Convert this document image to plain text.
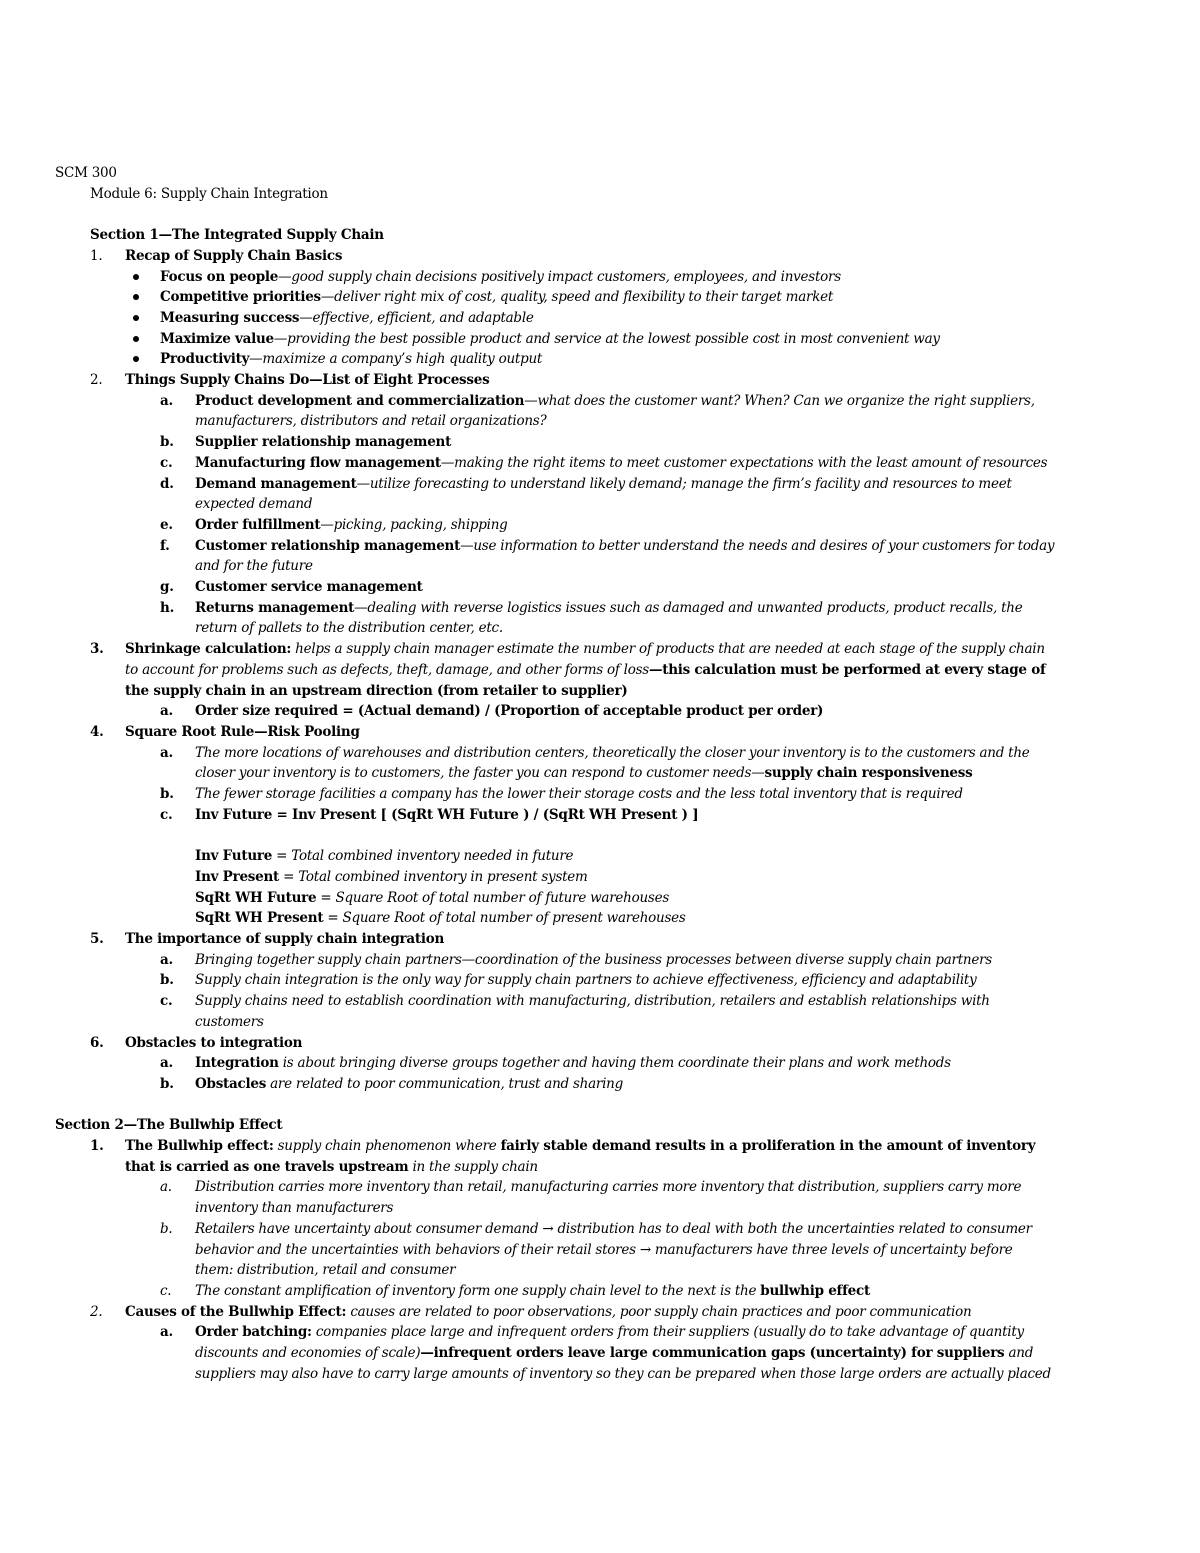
SCM 300
Module 6: Supply Chain Integration
Section 1—The Integrated Supply Chain
1. Recap of Supply Chain Basics
Focus on people—good supply chain decisions positively impact customers, employees, and investors
Competitive priorities—deliver right mix of cost, quality, speed and flexibility to their target market
Measuring success—effective, efficient, and adaptable
Maximize value—providing the best possible product and service at the lowest possible cost in most convenient way
Productivity—maximize a company’s high quality output
2. Things Supply Chains Do—List of Eight Processes
a. Product development and commercialization—what does the customer want? When? Can we organize the right suppliers,
manufacturers, distributors and retail organizations?
b. Supplier relationship management
c. Manufacturing flow management—making the right items to meet customer expectations with the least amount of resources
d. Demand management—utilize forecasting to understand likely demand; manage the firm’s facility and resources to meet
expected demand
e. Order fulfillment—picking, packing, shipping
f. Customer relationship management—use information to better understand the needs and desires of your customers for today
and for the future
g. Customer service management
h. Returns management—dealing with reverse logistics issues such as damaged and unwanted products, product recalls, the
return of pallets to the distribution center, etc.
3. Shrinkage calculation: helps a supply chain manager estimate the number of products that are needed at each stage of the supply chain
to account for problems such as defects, theft, damage, and other forms of loss—this calculation must be performed at every stage of
the supply chain in an upstream direction (from retailer to supplier)
a. Order size required = (Actual demand) / (Proportion of acceptable product per order)
4. Square Root Rule—Risk Pooling
a. The more locations of warehouses and distribution centers, theoretically the closer your inventory is to the customers and the
closer your inventory is to customers, the faster you can respond to customer needs—supply chain responsiveness
b. The fewer storage facilities a company has the lower their storage costs and the less total inventory that is required
c. Inv Future = Inv Present [ (SqRt WH Future ) / (SqRt WH Present ) ]
Inv Future = Total combined inventory needed in future
Inv Present = Total combined inventory in present system
SqRt WH Future = Square Root of total number of future warehouses
SqRt WH Present = Square Root of total number of present warehouses
5. The importance of supply chain integration
a. Bringing together supply chain partners—coordination of the business processes between diverse supply chain partners
b. Supply chain integration is the only way for supply chain partners to achieve effectiveness, efficiency and adaptability
c. Supply chains need to establish coordination with manufacturing, distribution, retailers and establish relationships with
customers
6. Obstacles to integration
a. Integration is about bringing diverse groups together and having them coordinate their plans and work methods
b. Obstacles are related to poor communication, trust and sharing
Section 2—The Bullwhip Effect
1. The Bullwhip effect: supply chain phenomenon where fairly stable demand results in a proliferation in the amount of inventory
that is carried as one travels upstream in the supply chain
a. Distribution carries more inventory than retail, manufacturing carries more inventory that distribution, suppliers carry more
inventory than manufacturers
b. Retailers have uncertainty about consumer demand → distribution has to deal with both the uncertainties related to consumer
behavior and the uncertainties with behaviors of their retail stores → manufacturers have three levels of uncertainty before
them: distribution, retail and consumer
c. The constant amplification of inventory form one supply chain level to the next is the bullwhip effect
2. Causes of the Bullwhip Effect: causes are related to poor observations, poor supply chain practices and poor communication
a. Order batching: companies place large and infrequent orders from their suppliers (usually do to take advantage of quantity
discounts and economies of scale)—infrequent orders leave large communication gaps (uncertainty) for suppliers and
suppliers may also have to carry large amounts of inventory so they can be prepared when those large orders are actually placed
